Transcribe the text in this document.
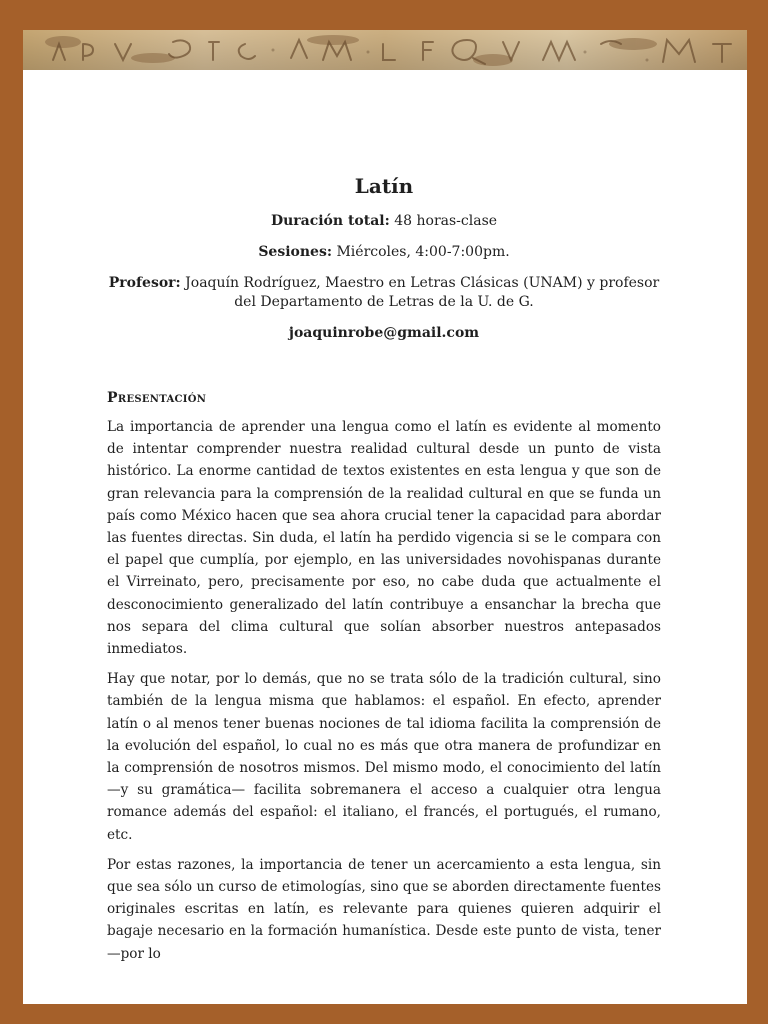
Latín

Duración total: 48 horas-clase

Sesiones: Miércoles, 4:00-7:00pm.

Profesor: Joaquín Rodríguez, Maestro en Letras Clásicas (UNAM) y profesor del Departamento de Letras de la U. de G.

joaquinrobe@gmail.com

Presentación

La importancia de aprender una lengua como el latín es evidente al momento de intentar comprender nuestra realidad cultural desde un punto de vista histórico. La enorme cantidad de textos existentes en esta lengua y que son de gran relevancia para la comprensión de la realidad cultural en que se funda un país como México hacen que sea ahora crucial tener la capacidad para abordar las fuentes directas. Sin duda, el latín ha perdido vigencia si se le compara con el papel que cumplía, por ejemplo, en las universidades novohispanas durante el Virreinato, pero, precisamente por eso, no cabe duda que actualmente el desconocimiento generalizado del latín contribuye a ensanchar la brecha que nos separa del clima cultural que solían absorber nuestros antepasados inmediatos.

Hay que notar, por lo demás, que no se trata sólo de la tradición cultural, sino también de la lengua misma que hablamos: el español. En efecto, aprender latín o al menos tener buenas nociones de tal idioma facilita la comprensión de la evolución del español, lo cual no es más que otra manera de profundizar en la comprensión de nosotros mismos. Del mismo modo, el conocimiento del latín —y su gramática— facilita sobremanera el acceso a cualquier otra lengua romance además del español: el italiano, el francés, el portugués, el rumano, etc.

Por estas razones, la importancia de tener un acercamiento a esta lengua, sin que sea sólo un curso de etimologías, sino que se aborden directamente fuentes originales escritas en latín, es relevante para quienes quieren adquirir el bagaje necesario en la formación humanística. Desde este punto de vista, tener —por lo
